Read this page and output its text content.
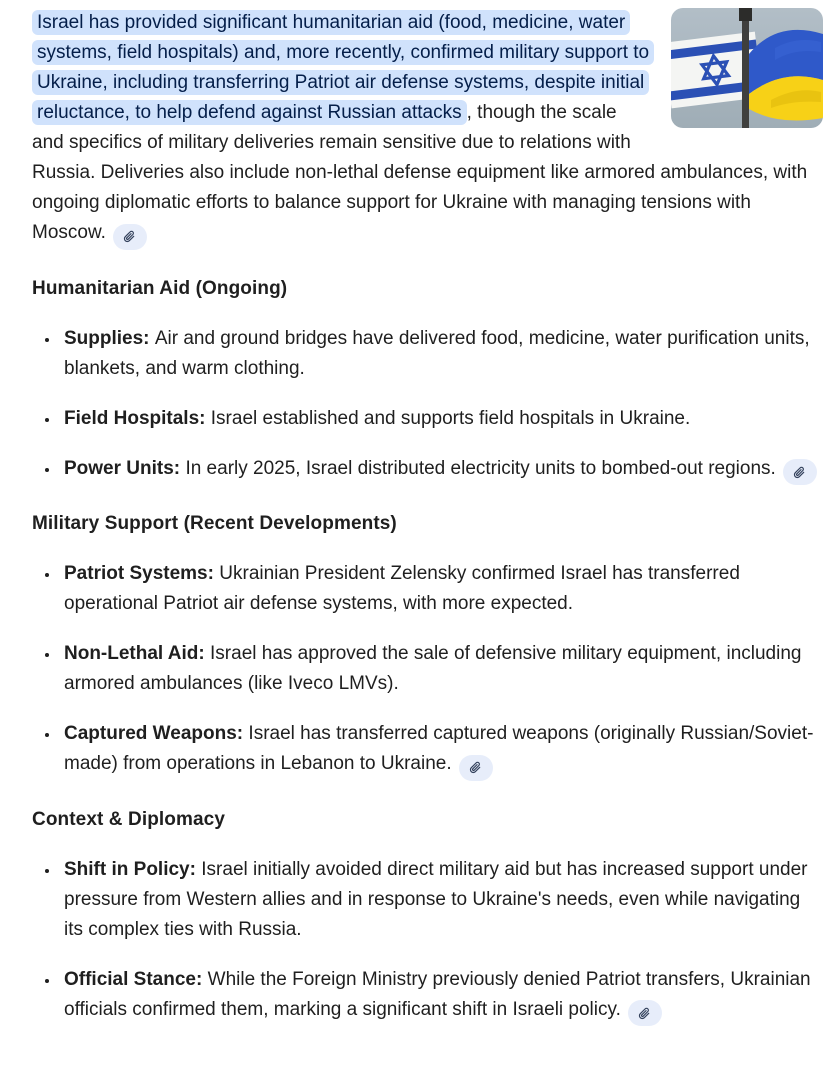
Israel has provided significant humanitarian aid (food, medicine, water systems, field hospitals) and, more recently, confirmed military support to Ukraine, including transferring Patriot air defense systems, despite initial reluctance, to help defend against Russian attacks , though the scale and specifics of military deliveries remain sensitive due to relations with Russia. Deliveries also include non-lethal defense equipment like armored ambulances, with ongoing diplomatic efforts to balance support for Ukraine with managing tensions with Moscow.

Humanitarian Aid (Ongoing)
• Supplies: Air and ground bridges have delivered food, medicine, water purification units, blankets, and warm clothing.
• Field Hospitals: Israel established and supports field hospitals in Ukraine.
• Power Units: In early 2025, Israel distributed electricity units to bombed-out regions.
Military Support (Recent Developments)
• Patriot Systems: Ukrainian President Zelensky confirmed Israel has transferred operational Patriot air defense systems, with more expected.
• Non-Lethal Aid: Israel has approved the sale of defensive military equipment, including armored ambulances (like Iveco LMVs).
• Captured Weapons: Israel has transferred captured weapons (originally Russian/Soviet-made) from operations in Lebanon to Ukraine.
Context & Diplomacy
• Shift in Policy: Israel initially avoided direct military aid but has increased support under pressure from Western allies and in response to Ukraine's needs, even while navigating its complex ties with Russia.
• Official Stance: While the Foreign Ministry previously denied Patriot transfers, Ukrainian officials confirmed them, marking a significant shift in Israeli policy.
